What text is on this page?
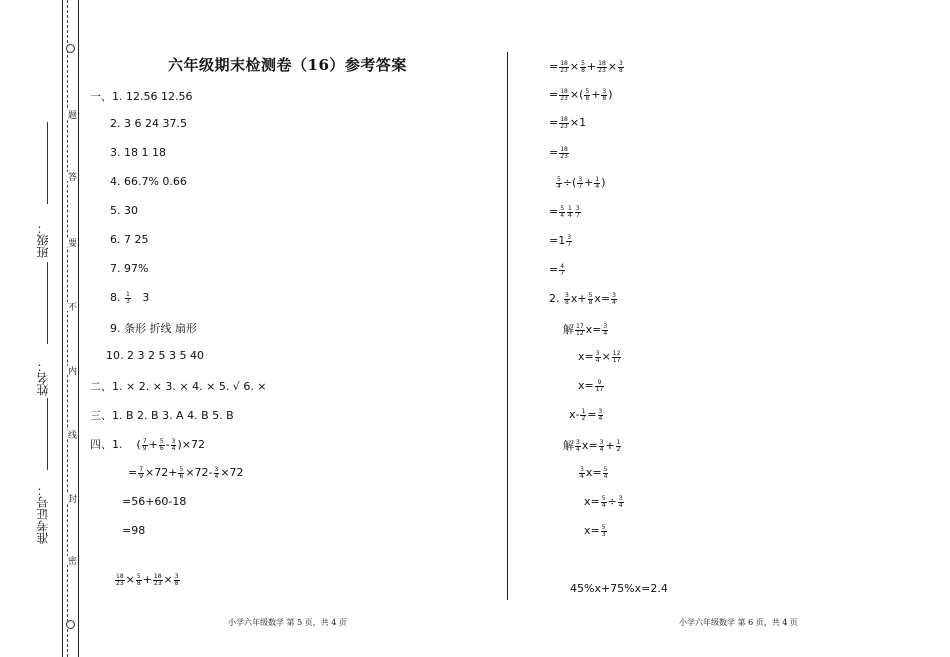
题
答
要
不
内
线
封
密
班级：
姓名：
准考证号：
六年级期末检测卷（16）参考答案
一、1. 12.56 12.56
2. 3 6 24 37.5
3. 18 1 18
4. 66.7% 0.66
5. 30
6. 7 25
7. 97%
8. $\frac{1}{3} 3$
9. 条形 折线 扇形
10. 2 3 2 5 3 5 40
二、1. × 2. × 3. × 4. × 5. √ 6. ×
三、1. B 2. B 3. A 4. B 5. B
四、1.    ( $\frac{7}{9} + \frac{5}{6} - \frac{3}{4} )\times 72$
= $\frac{7}{9} \times 72+ \frac{5}{6} \times 72- \frac{3}{4} \times 72$
=56+60-18
=98
$\frac{18}{23} \times \frac{5}{8} + \frac{18}{23} \times \frac{3}{8}$
= $\frac{18}{23} \times \frac{5}{8} + \frac{18}{23} \times \frac{3}{8}$
= $\frac{18}{23}$ ×( $\frac{5}{8} + \frac{3}{8}$ )
= $\frac{18}{23} \times 1$
= $\frac{18}{23}$
$\frac{5}{4}$ ÷( $\frac{3}{7} + \frac{1}{4}$ )
= $\frac{5}{4} \frac{1}{4} \frac{3}{7}$
$=1 \frac{3}{7}$
= $\frac{4}{7}$
2. $\frac{3}{8} x+ \frac{5}{8} x= \frac{3}{4}$
解 $\frac{17}{12} x= \frac{3}{4}$
$x= \frac{3}{4} \times \frac{12}{17}$
$x= \frac{9}{17}$
$x- \frac{1}{2} = \frac{3}{4}$
解 $\frac{3}{4} x= \frac{3}{4} + \frac{1}{2}$
$\frac{3}{4} x= \frac{5}{4}$
$x= \frac{5}{4} \div \frac{3}{4}$
$x= \frac{5}{3}$
45%x+75%x=2.4
小学六年级数学 第 5 页，共 4 页	小学六年级数学 第 6 页，共 4 页
